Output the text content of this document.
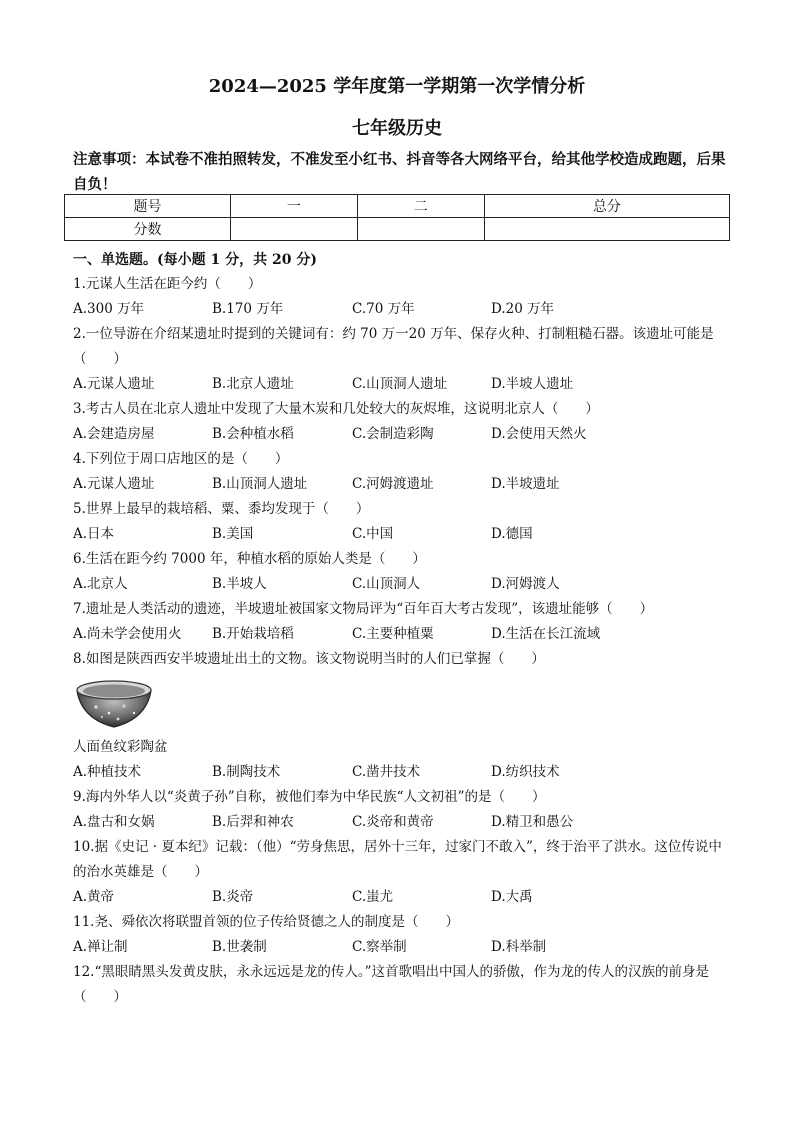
2024—2025 学年度第一学期第一次学情分析
七年级历史
注意事项：本试卷不准拍照转发，不准发至小红书、抖音等各大网络平台，给其他学校造成跑题，后果自负！
题号	一	二	总分
分数			
一、单选题。(每小题 1 分，共 20 分)
1.元谋人生活在距今约（　　）
A.300 万年	B.170 万年	C.70 万年	D.20 万年
2.一位导游在介绍某遗址时提到的关键词有：约 70 万一20 万年、保存火种、打制粗糙石器。该遗址可能是（　　）
A.元谋人遗址	B.北京人遗址	C.山顶洞人遗址	D.半坡人遗址
3.考古人员在北京人遗址中发现了大量木炭和几处较大的灰烬堆，这说明北京人（　　）
A.会建造房屋	B.会种植水稻	C.会制造彩陶	D.会使用天然火
4.下列位于周口店地区的是（　　）
A.元谋人遗址	B.山顶洞人遗址	C.河姆渡遗址	D.半坡遗址
5.世界上最早的栽培稻、粟、黍均发现于（　　）
A.日本	B.美国	C.中国	D.德国
6.生活在距今约 7000 年，种植水稻的原始人类是（　　）
A.北京人	B.半坡人	C.山顶洞人	D.河姆渡人
7.遗址是人类活动的遗迹，半坡遗址被国家文物局评为“百年百大考古发现”，该遗址能够（　　）
A.尚未学会使用火 B.开始栽培稻	C.主要种植粟	D.生活在长江流域
8.如图是陕西西安半坡遗址出土的文物。该文物说明当时的人们已掌握（　　）
人面鱼纹彩陶盆
A.种植技术	B.制陶技术	C.凿井技术	D.纺织技术
9.海内外华人以“炎黄子孙”自称，被他们奉为中华民族“人文初祖”的是（　　）
A.盘古和女娲	B.后羿和神农	C.炎帝和黄帝	D.精卫和愚公
10.据《史记 · 夏本纪》记载：（他）“劳身焦思，居外十三年，过家门不敢入”，终于治平了洪水。这位传说中的治水英雄是（　　）
A.黄帝	B.炎帝	C.蚩尤	D.大禹
11.尧、舜依次将联盟首领的位子传给贤德之人的制度是（　　）
A.禅让制	B.世袭制	C.察举制	D.科举制
12.“黑眼睛黑头发黄皮肤，永永远远是龙的传人。”这首歌唱出中国人的骄傲，作为龙的传人的汉族的前身是（　　）
